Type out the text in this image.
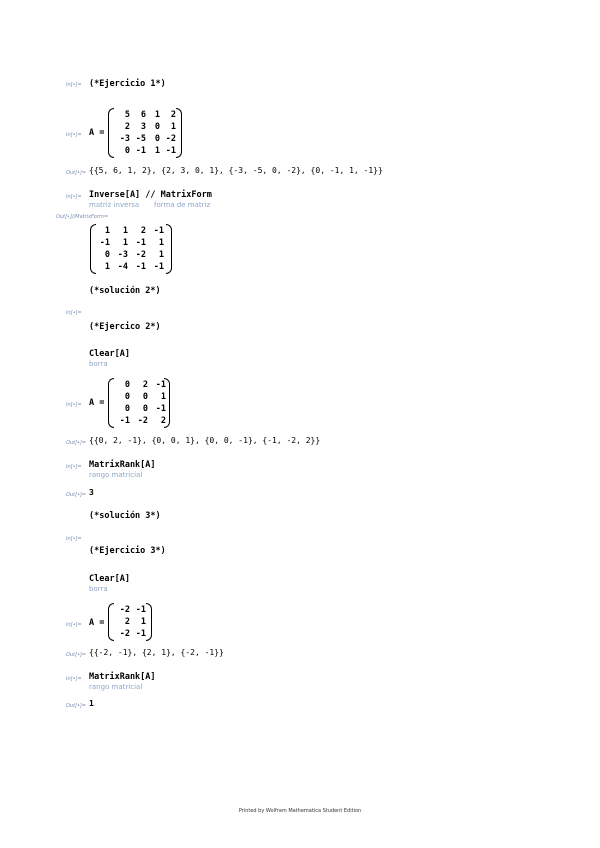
In[•]= (*Ejercicio 1*)
In[•]= A =
5	6	1	2
2	3	0	1
-3 -5	0 -2
0 -1	1 -1
Out[•]= {{5, 6, 1, 2}, {2, 3, 0, 1}, {-3, -5, 0, -2}, {0, -1, 1, -1}}
In[•]= Inverse[A] // MatrixForm
matriz inversa forma de matriz
Out[•]//MatrixForm=
1	1	2 -1
-1	1 -1	1
0 -3 -2	1
1 -4 -1 -1
(*solución 2*)
In[•]=
(*Ejercico 2*)
Clear[A]
borra
In[•]= A =
0	2 -1
0	0	1
0	0 -1
-1 -2	2
Out[•]= {{0, 2, -1}, {0, 0, 1}, {0, 0, -1}, {-1, -2, 2}}
In[•]= MatrixRank[A]
rango matricial
Out[•]= 3
(*solución 3*)
In[•]=
(*Ejercicio 3*)
Clear[A]
borra
In[•]= A =
-2 -1
2	1
-2 -1
Out[•]= {{-2, -1}, {2, 1}, {-2, -1}}
In[•]= MatrixRank[A]
rango matricial
Out[•]= 1
Printed by Wolfram Mathematica Student Edition
